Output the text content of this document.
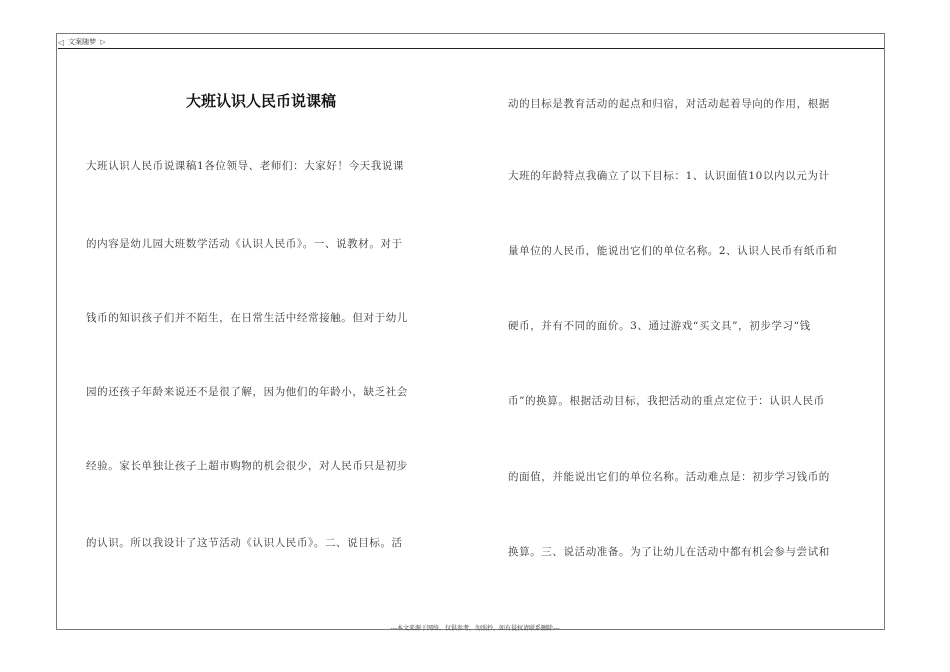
◁ 文案随梦 ▷
大班认识人民币说课稿
大班认识人民币说课稿1各位领导、老师们：大家好！今天我说课
的内容是幼儿园大班数学活动《认识人民币》。一、说教材。对于
钱币的知识孩子们并不陌生，在日常生活中经常接触。但对于幼儿
园的还孩子年龄来说还不是很了解，因为他们的年龄小，缺乏社会
经验。家长单独让孩子上超市购物的机会很少，对人民币只是初步
的认识。所以我设计了这节活动《认识人民币》。二、说目标。活
动的目标是教育活动的起点和归宿，对活动起着导向的作用，根据
大班的年龄特点我确立了以下目标：1、认识面值10以内以元为计
量单位的人民币，能说出它们的单位名称。2、认识人民币有纸币和
硬币，并有不同的面价。3、通过游戏“买文具”，初步学习“钱
币”的换算。根据活动目标，我把活动的重点定位于：认识人民币
的面值，并能说出它们的单位名称。活动难点是：初步学习钱币的
换算。三、说活动准备。为了让幼儿在活动中都有机会参与尝试和
---本文来源于网络，仅供参考，勿照抄，如有侵权请联系删除---
